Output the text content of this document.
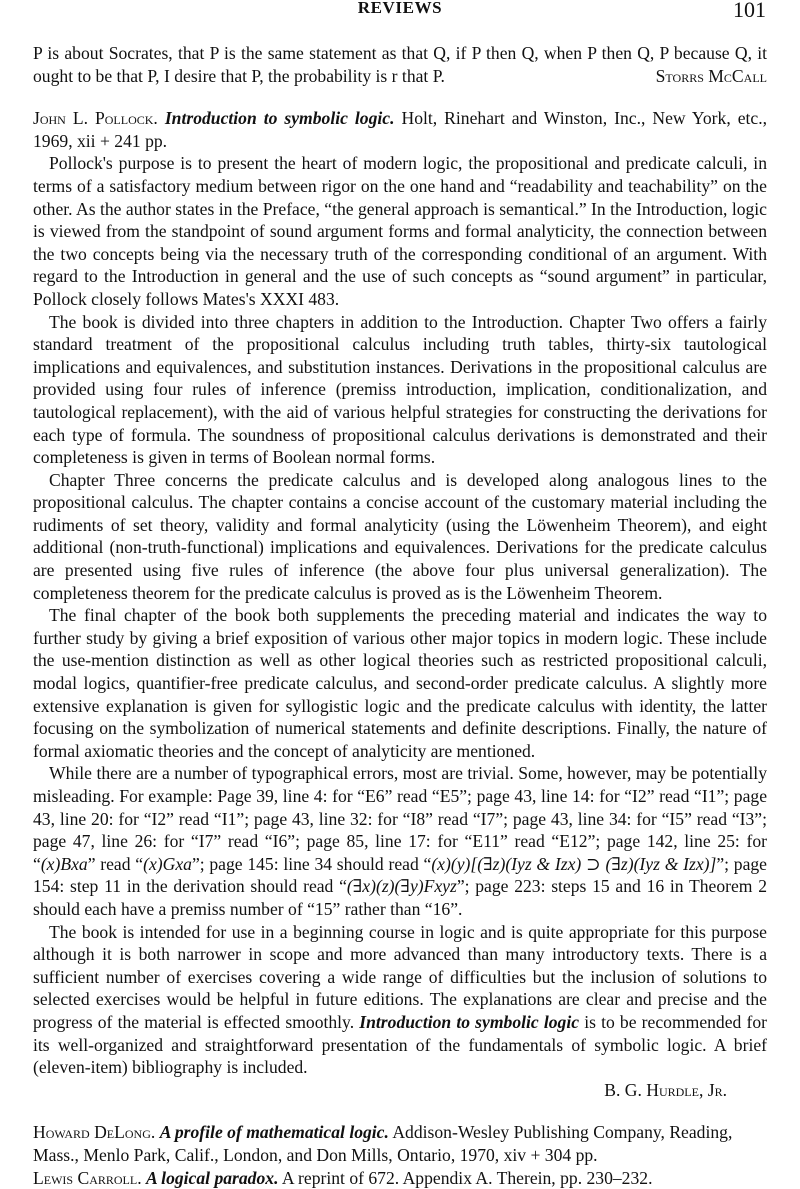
REVIEWS	101

P is about Socrates, that P is the same statement as that Q, if P then Q, when P then Q, P because Q, it ought to be that P, I desire that P, the probability is r that P.	Storrs McCall

John L. Pollock. Introduction to symbolic logic. Holt, Rinehart and Winston, Inc., New York, etc., 1969, xii + 241 pp.

Pollock's purpose is to present the heart of modern logic, the propositional and predicate calculi, in terms of a satisfactory medium between rigor on the one hand and “readability and teachability” on the other. As the author states in the Preface, “the general approach is semantical.” In the Introduction, logic is viewed from the standpoint of sound argument forms and formal analyticity, the connection between the two concepts being via the necessary truth of the corresponding conditional of an argument. With regard to the Introduction in general and the use of such concepts as “sound argument” in particular, Pollock closely follows Mates's XXXI 483.

The book is divided into three chapters in addition to the Introduction. Chapter Two offers a fairly standard treatment of the propositional calculus including truth tables, thirty-six tautological implications and equivalences, and substitution instances. Derivations in the propositional calculus are provided using four rules of inference (premiss introduction, implication, conditionalization, and tautological replacement), with the aid of various helpful strategies for constructing the derivations for each type of formula. The soundness of propositional calculus derivations is demonstrated and their completeness is given in terms of Boolean normal forms.

Chapter Three concerns the predicate calculus and is developed along analogous lines to the propositional calculus. The chapter contains a concise account of the customary material including the rudiments of set theory, validity and formal analyticity (using the Löwenheim Theorem), and eight additional (non-truth-functional) implications and equivalences. Derivations for the predicate calculus are presented using five rules of inference (the above four plus universal generalization). The completeness theorem for the predicate calculus is proved as is the Löwenheim Theorem.

The final chapter of the book both supplements the preceding material and indicates the way to further study by giving a brief exposition of various other major topics in modern logic. These include the use-mention distinction as well as other logical theories such as restricted propositional calculi, modal logics, quantifier-free predicate calculus, and second-order predicate calculus. A slightly more extensive explanation is given for syllogistic logic and the predicate calculus with identity, the latter focusing on the symbolization of numerical statements and definite descriptions. Finally, the nature of formal axiomatic theories and the concept of analyticity are mentioned.

While there are a number of typographical errors, most are trivial. Some, however, may be potentially misleading. For example: Page 39, line 4: for “E6” read “E5”; page 43, line 14: for “I2” read “I1”; page 43, line 20: for “I2” read “I1”; page 43, line 32: for “I8” read “I7”; page 43, line 34: for “I5” read “I3”; page 47, line 26: for “I7” read “I6”; page 85, line 17: for “E11” read “E12”; page 142, line 25: for “(x)Bxa” read “(x)Gxa”; page 145: line 34 should read “(x)(y)[(∃z)(Iyz & Izx) ⊃ (∃z)(Iyz & Izx)]”; page 154: step 11 in the derivation should read “(∃x)(z)(∃y)Fxyz”; page 223: steps 15 and 16 in Theorem 2 should each have a premiss number of “15” rather than “16”.

The book is intended for use in a beginning course in logic and is quite appropriate for this purpose although it is both narrower in scope and more advanced than many introductory texts. There is a sufficient number of exercises covering a wide range of difficulties but the inclusion of solutions to selected exercises would be helpful in future editions. The explanations are clear and precise and the progress of the material is effected smoothly. Introduction to symbolic logic is to be recommended for its well-organized and straightforward presentation of the fundamentals of symbolic logic. A brief (eleven-item) bibliography is included.

B. G. Hurdle, Jr.

Howard DeLong. A profile of mathematical logic. Addison-Wesley Publishing Company, Reading, Mass., Menlo Park, Calif., London, and Don Mills, Ontario, 1970, xiv + 304 pp.

Lewis Carroll. A logical paradox. A reprint of 672. Appendix A. Therein, pp. 230–232.
